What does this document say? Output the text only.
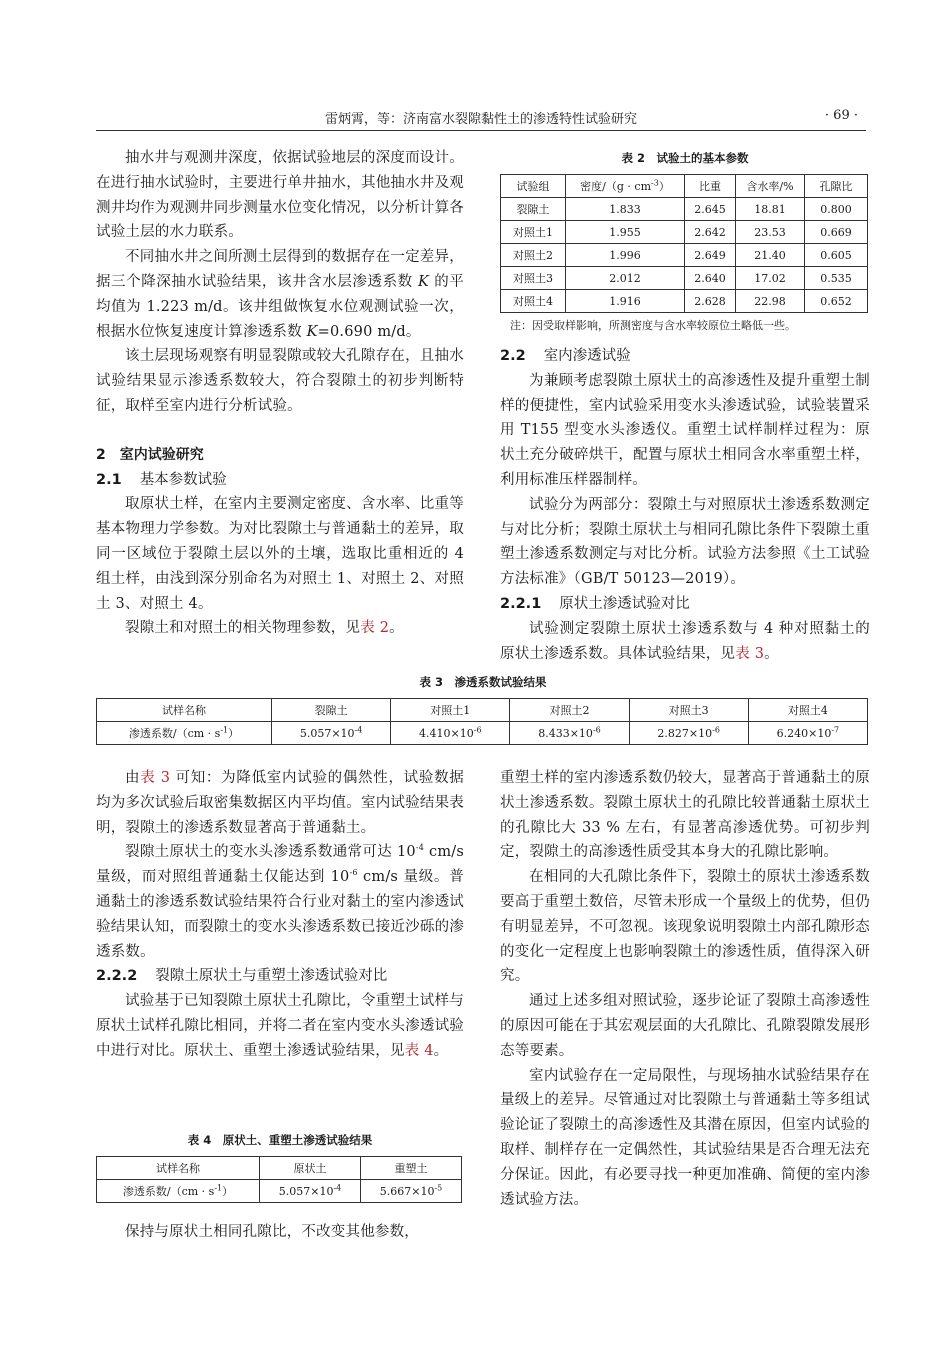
雷炳霄，等：济南富水裂隙黏性土的渗透特性试验研究	· 69 ·

抽水井与观测井深度，依据试验地层的深度而设计。在进行抽水试验时，主要进行单井抽水，其他抽水井及观测井均作为观测井同步测量水位变化情况，以分析计算各试验土层的水力联系。

不同抽水井之间所测土层得到的数据存在一定差异，据三个降深抽水试验结果，该井含水层渗透系数 K 的平均值为 1.223 m/d。该井组做恢复水位观测试验一次，根据水位恢复速度计算渗透系数 K=0.690 m/d。

该土层现场观察有明显裂隙或较大孔隙存在，且抽水试验结果显示渗透系数较大，符合裂隙土的初步判断特征，取样至室内进行分析试验。

2　室内试验研究

2.1 基本参数试验

取原状土样，在室内主要测定密度、含水率、比重等基本物理力学参数。为对比裂隙土与普通黏土的差异，取同一区域位于裂隙土层以外的土壤，选取比重相近的 4 组土样，由浅到深分别命名为对照土 1、对照土 2、对照土 3、对照土 4。

裂隙土和对照土的相关物理参数，见表 2。

表 2　试验土的基本参数

试验组	密度$/(g \cdot cm^{-3})$	比重	含水率/%	孔隙比
裂隙土	1.833	2.645	18.81	0.800
对照土1	1.955	2.642	23.53	0.669
对照土2	1.996	2.649	21.40	0.605
对照土3	2.012	2.640	17.02	0.535
对照土4	1.916	2.628	22.98	0.652

注：因受取样影响，所测密度与含水率较原位土略低一些。

2.2 室内渗透试验

为兼顾考虑裂隙土原状土的高渗透性及提升重塑土制样的便捷性，室内试验采用变水头渗透试验，试验装置采用 T155 型变水头渗透仪。重塑土试样制样过程为：原状土充分破碎烘干，配置与原状土相同含水率重塑土样，利用标准压样器制样。

试验分为两部分：裂隙土与对照原状土渗透系数测定与对比分析；裂隙土原状土与相同孔隙比条件下裂隙土重塑土渗透系数测定与对比分析。试验方法参照《土工试验方法标准》（GB/T 50123—2019）。

2.2.1 原状土渗透试验对比

试验测定裂隙土原状土渗透系数与 4 种对照黏土的原状土渗透系数。具体试验结果，见表 3。

表 3　渗透系数试验结果

试样名称	裂隙土	对照土1	对照土2	对照土3	对照土4
渗透系数$/(cm \cdot s^{-1})$	$5.057\times 10^{-4}$	$4.410\times 10^{-6}$	$8.433\times 10^{-6}$	$2.827\times 10^{-6}$	$6.240\times 10^{-7}$

由表 3 可知：为降低室内试验的偶然性，试验数据均为多次试验后取密集数据区内平均值。室内试验结果表明，裂隙土的渗透系数显著高于普通黏土。

裂隙土原状土的变水头渗透系数通常可达 $10^{-4}$ cm/s 量级，而对照组普通黏土仅能达到 $10^{-6}$ cm/s 量级。普通黏土的渗透系数试验结果符合行业对黏土的室内渗透试验结果认知，而裂隙土的变水头渗透系数已接近沙砾的渗透系数。

2.2.2 裂隙土原状土与重塑土渗透试验对比

试验基于已知裂隙土原状土孔隙比，令重塑土试样与原状土试样孔隙比相同，并将二者在室内变水头渗透试验中进行对比。原状土、重塑土渗透试验结果，见表 4。

表 4　原状土、重塑土渗透试验结果

试样名称	原状土	重塑土
渗透系数$/(cm \cdot s^{-1})$	$5.057\times 10^{-4}$	$5.667\times 10^{-5}$

保持与原状土相同孔隙比，不改变其他参数，

重塑土样的室内渗透系数仍较大，显著高于普通黏土的原状土渗透系数。裂隙土原状土的孔隙比较普通黏土原状土的孔隙比大 33 % 左右，有显著高渗透优势。可初步判定，裂隙土的高渗透性质受其本身大的孔隙比影响。

在相同的大孔隙比条件下，裂隙土的原状土渗透系数要高于重塑土数倍，尽管未形成一个量级上的优势，但仍有明显差异，不可忽视。该现象说明裂隙土内部孔隙形态的变化一定程度上也影响裂隙土的渗透性质，值得深入研究。

通过上述多组对照试验，逐步论证了裂隙土高渗透性的原因可能在于其宏观层面的大孔隙比、孔隙裂隙发展形态等要素。

室内试验存在一定局限性，与现场抽水试验结果存在量级上的差异。尽管通过对比裂隙土与普通黏土等多组试验论证了裂隙土的高渗透性及其潜在原因，但室内试验的取样、制样存在一定偶然性，其试验结果是否合理无法充分保证。因此，有必要寻找一种更加准确、简便的室内渗透试验方法。
